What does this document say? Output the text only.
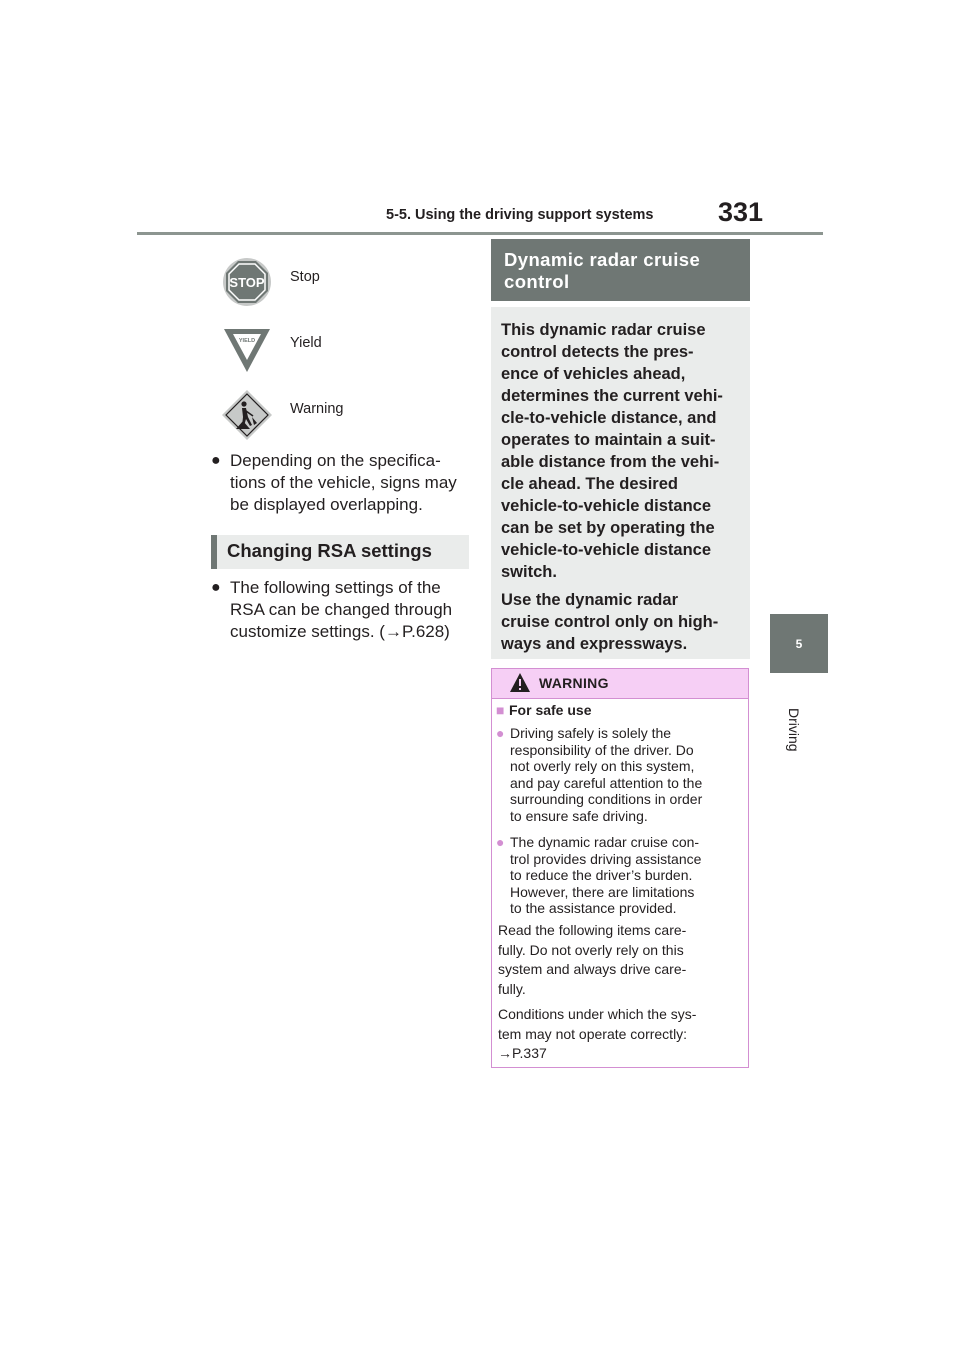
5-5. Using the driving support systems 331
5
Driving
STOP Stop
YIELD Yield
Warning
● Depending on the specifica-
tions of the vehicle, signs may
be displayed overlapping.
Changing RSA settings
● The following settings of the
RSA can be changed through
customize settings. (→P.628)
Dynamic radar cruise
control
This dynamic radar cruise
control detects the pres-
ence of vehicles ahead,
determines the current vehi-
cle-to-vehicle distance, and
operates to maintain a suit-
able distance from the vehi-
cle ahead. The desired
vehicle-to-vehicle distance
can be set by operating the
vehicle-to-vehicle distance
switch.
Use the dynamic radar
cruise control only on high-
ways and expressways.
WARNING
■ For safe use
● Driving safely is solely the
responsibility of the driver. Do
not overly rely on this system,
and pay careful attention to the
surrounding conditions in order
to ensure safe driving.
● The dynamic radar cruise con-
trol provides driving assistance
to reduce the driver’s burden.
However, there are limitations
to the assistance provided.
Read the following items care-
fully. Do not overly rely on this
system and always drive care-
fully.
Conditions under which the sys-
tem may not operate correctly:
→P.337
